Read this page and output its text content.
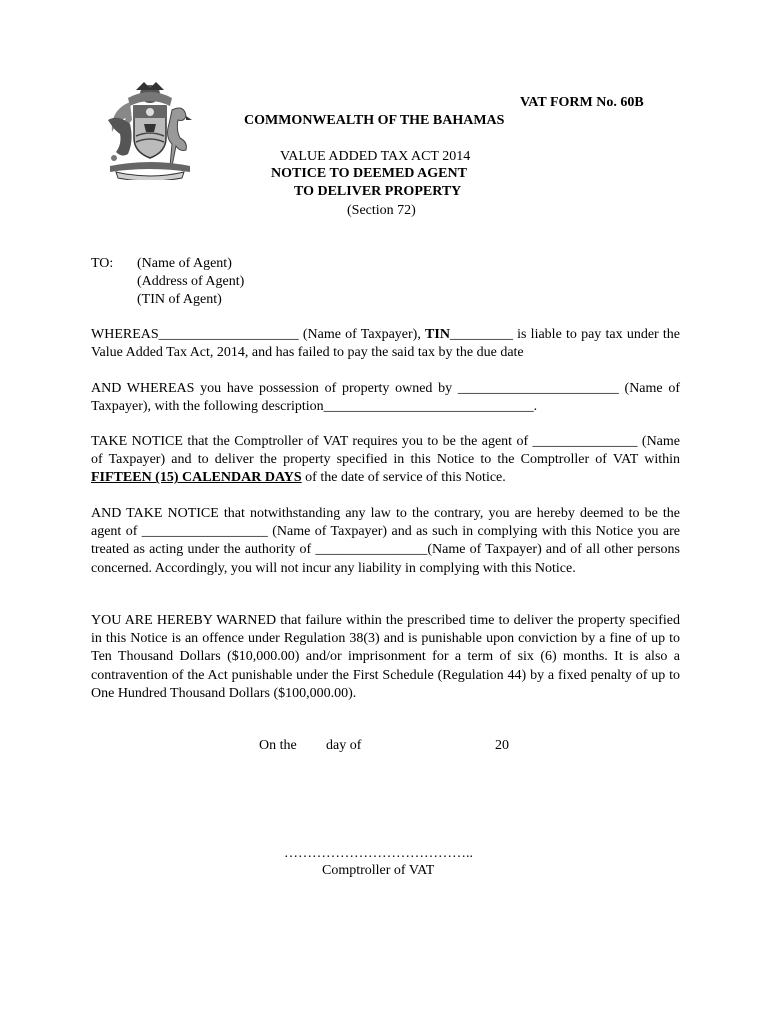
VAT FORM No. 60B
COMMONWEALTH OF THE BAHAMAS
VALUE ADDED TAX ACT 2014
NOTICE TO DEEMED AGENT
TO DELIVER PROPERTY
(Section 72)
TO: (Name of Agent)
(Address of Agent)
(TIN of Agent)
WHEREAS____________________ (Name of Taxpayer), TIN_________ is liable to pay tax under the Value Added Tax Act, 2014, and has failed to pay the said tax by the due date
AND WHEREAS you have possession of property owned by _______________________ (Name of Taxpayer), with the following description______________________________.
TAKE NOTICE that the Comptroller of VAT requires you to be the agent of _______________ (Name of Taxpayer) and to deliver the property specified in this Notice to the Comptroller of VAT within FIFTEEN (15) CALENDAR DAYS of the date of service of this Notice.
AND TAKE NOTICE that notwithstanding any law to the contrary, you are hereby deemed to be the agent of __________________ (Name of Taxpayer) and as such in complying with this Notice you are treated as acting under the authority of ________________(Name of Taxpayer) and of all other persons concerned. Accordingly, you will not incur any liability in complying with this Notice.
YOU ARE HEREBY WARNED that failure within the prescribed time to deliver the property specified in this Notice is an offence under Regulation 38(3) and is punishable upon conviction by a fine of up to Ten Thousand Dollars ($10,000.00) and/or imprisonment for a term of six (6) months. It is also a contravention of the Act punishable under the First Schedule (Regulation 44) by a fixed penalty of up to One Hundred Thousand Dollars ($100,000.00).
On the day of	20
…………………………………..
Comptroller of VAT
